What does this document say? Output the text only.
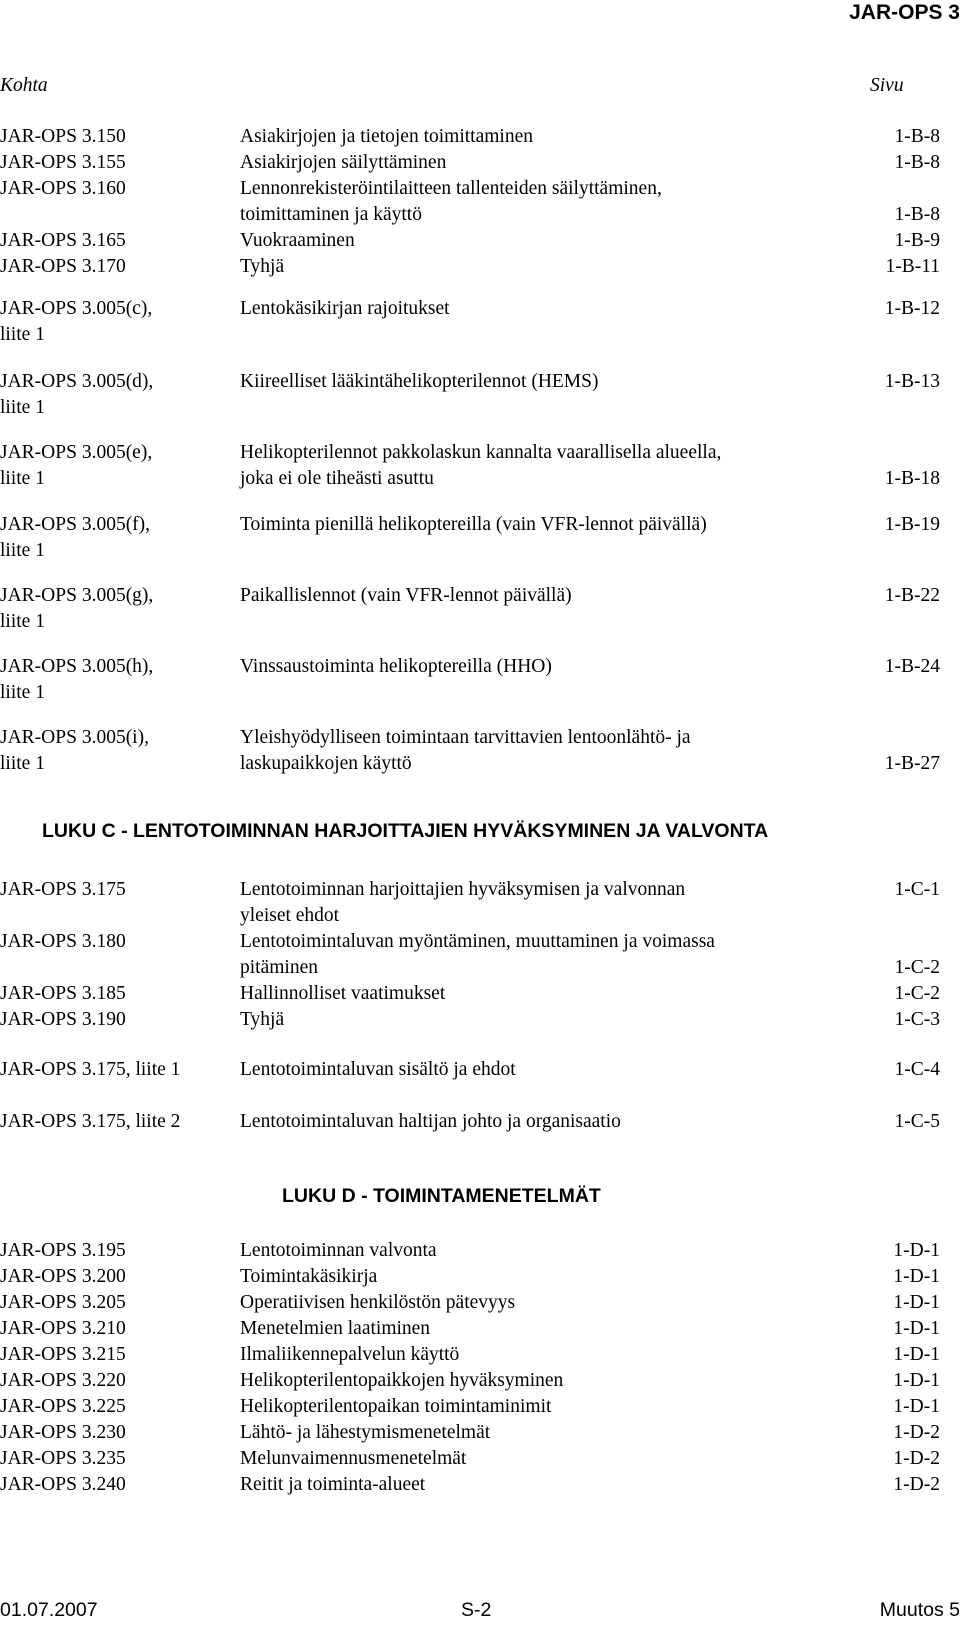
JAR-OPS 3
Kohta	Sivu
JAR-OPS 3.150	Asiakirjojen ja tietojen toimittaminen	1-B-8
JAR-OPS 3.155	Asiakirjojen säilyttäminen	1-B-8
JAR-OPS 3.160	Lennonrekisteröintilaitteen tallenteiden säilyttäminen,
toimittaminen ja käyttö	1-B-8
JAR-OPS 3.165	Vuokraaminen	1-B-9
JAR-OPS 3.170	Tyhjä	1-B-11
JAR-OPS 3.005(c),	Lentokäsikirjan rajoitukset	1-B-12
liite 1
JAR-OPS 3.005(d),	Kiireelliset lääkintähelikopterilennot (HEMS)	1-B-13
liite 1
JAR-OPS 3.005(e),	Helikopterilennot pakkolaskun kannalta vaarallisella alueella,
liite 1	joka ei ole tiheästi asuttu	1-B-18
JAR-OPS 3.005(f),	Toiminta pienillä helikoptereilla (vain VFR-lennot päivällä)	1-B-19
liite 1
JAR-OPS 3.005(g),	Paikallislennot (vain VFR-lennot päivällä)	1-B-22
liite 1
JAR-OPS 3.005(h),	Vinssaustoiminta helikoptereilla (HHO)	1-B-24
liite 1
JAR-OPS 3.005(i),	Yleishyödylliseen toimintaan tarvittavien lentoonlähtö- ja
liite 1	laskupaikkojen käyttö	1-B-27
LUKU C - LENTOTOIMINNAN HARJOITTAJIEN HYVÄKSYMINEN JA VALVONTA
JAR-OPS 3.175	Lentotoiminnan harjoittajien hyväksymisen ja valvonnan	1-C-1
yleiset ehdot
JAR-OPS 3.180	Lentotoimintaluvan myöntäminen, muuttaminen ja voimassa
pitäminen	1-C-2
JAR-OPS 3.185	Hallinnolliset vaatimukset	1-C-2
JAR-OPS 3.190	Tyhjä	1-C-3
JAR-OPS 3.175, liite 1	Lentotoimintaluvan sisältö ja ehdot	1-C-4
JAR-OPS 3.175, liite 2	Lentotoimintaluvan haltijan johto ja organisaatio	1-C-5
LUKU D - TOIMINTAMENETELMÄT
JAR-OPS 3.195	Lentotoiminnan valvonta	1-D-1
JAR-OPS 3.200	Toimintakäsikirja	1-D-1
JAR-OPS 3.205	Operatiivisen henkilöstön pätevyys	1-D-1
JAR-OPS 3.210	Menetelmien laatiminen	1-D-1
JAR-OPS 3.215	Ilmaliikennepalvelun käyttö	1-D-1
JAR-OPS 3.220	Helikopterilentopaikkojen hyväksyminen	1-D-1
JAR-OPS 3.225	Helikopterilentopaikan toimintaminimit	1-D-1
JAR-OPS 3.230	Lähtö- ja lähestymismenetelmät	1-D-2
JAR-OPS 3.235	Melunvaimennusmenetelmät	1-D-2
JAR-OPS 3.240	Reitit ja toiminta-alueet	1-D-2
01.07.2007	S-2	Muutos 5
